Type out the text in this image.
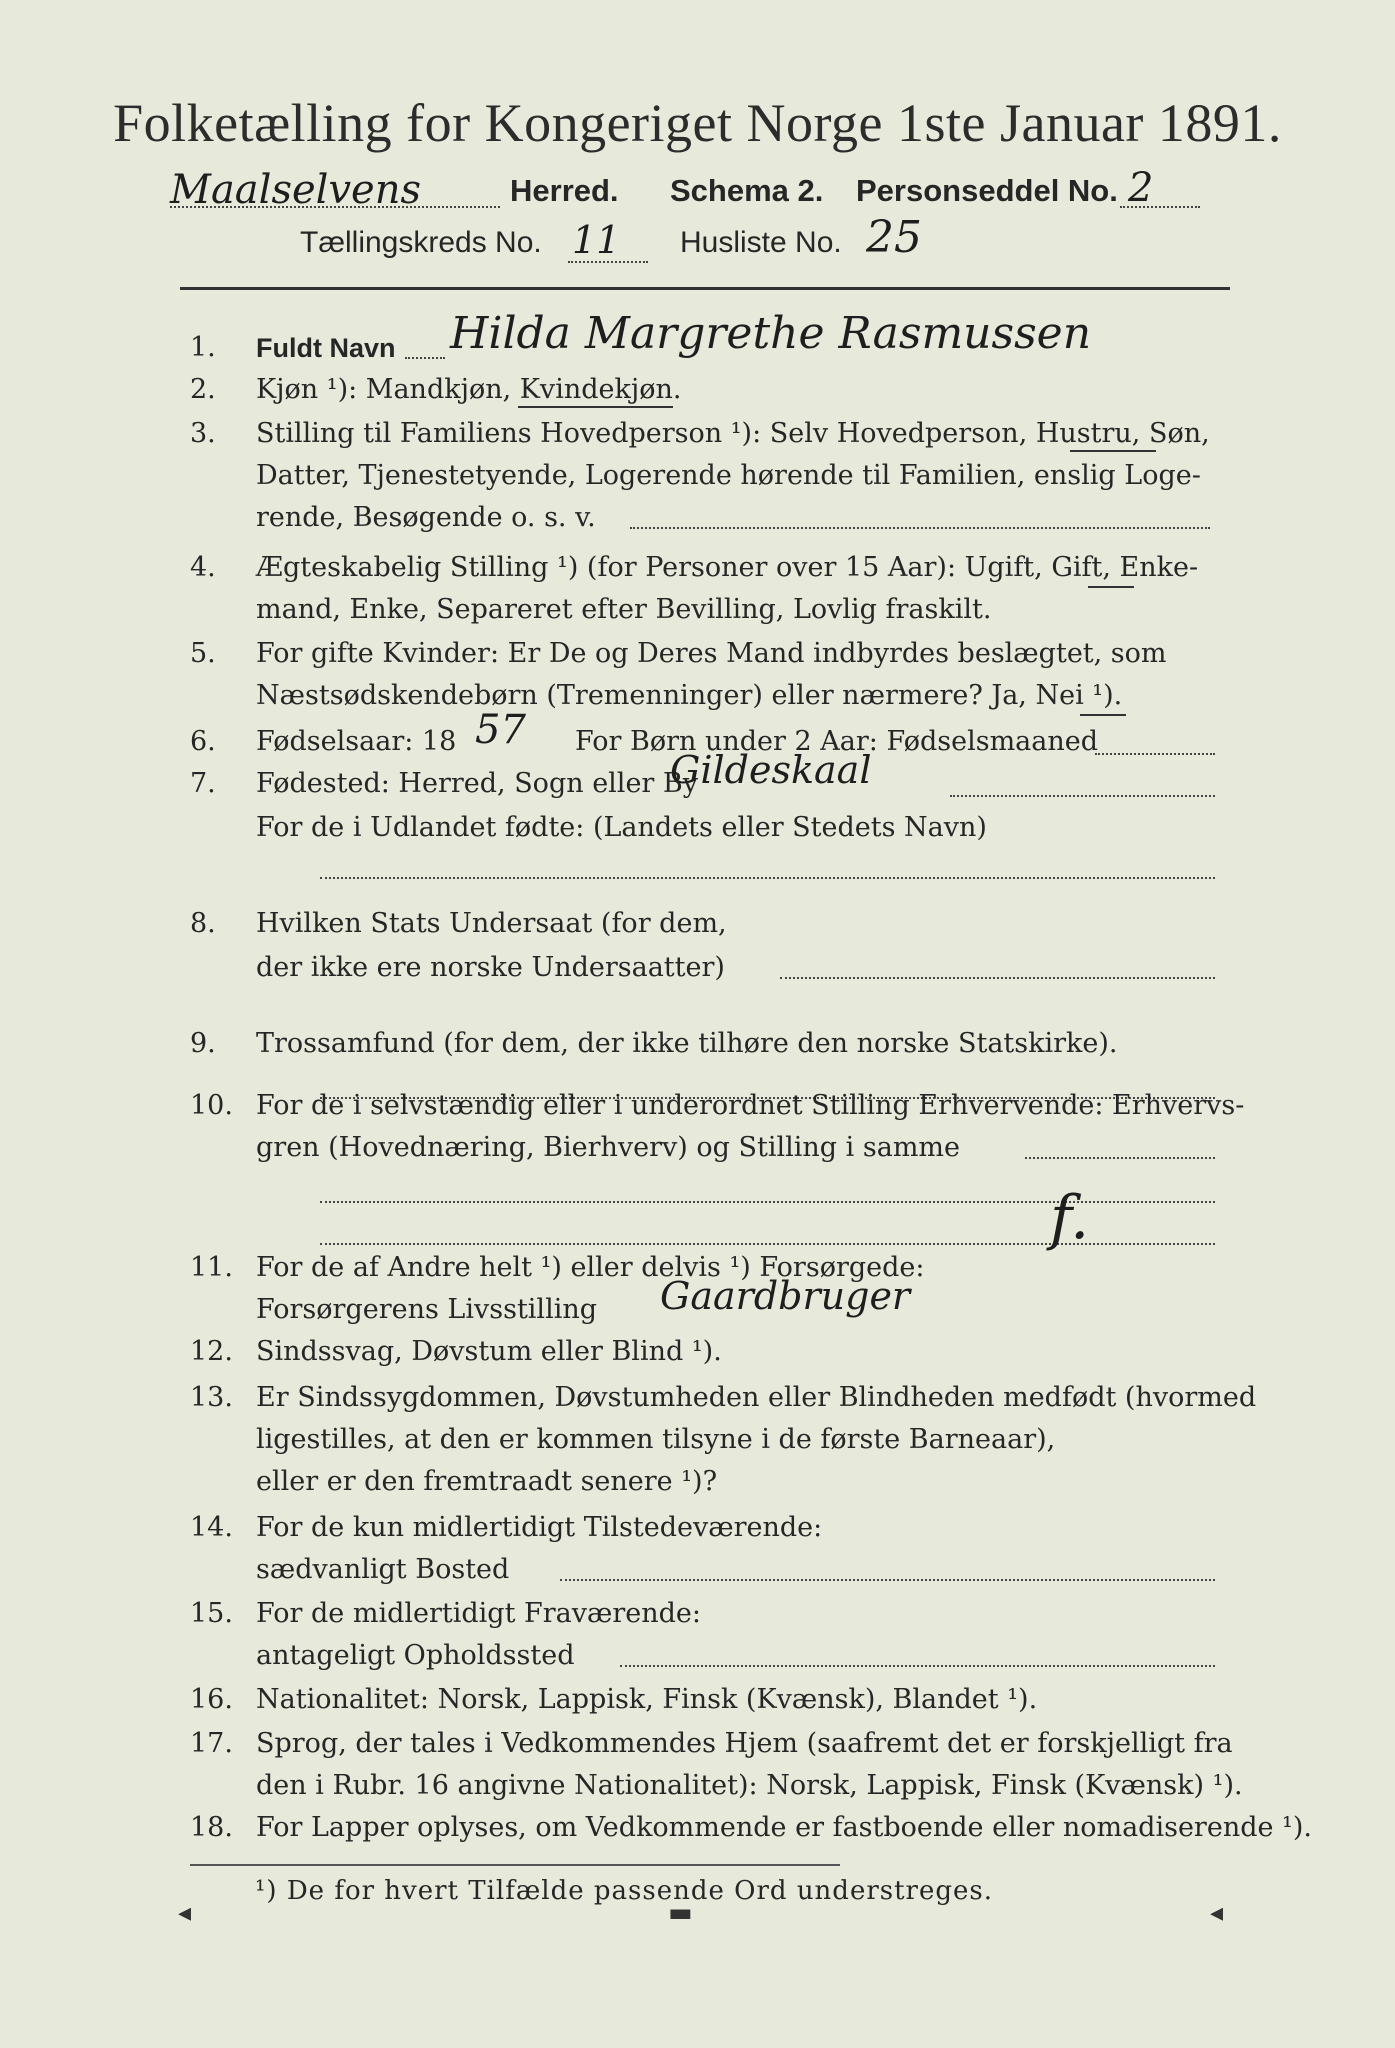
Folketælling for Kongeriget Norge 1ste Januar 1891.
Maalselvens	Herred. Schema 2. Personseddel No. 2
Tællingskreds No. 11 Husliste No. 25
1.	Fuldt Navn	Hilda Margrethe Rasmussen
2.	Kjøn ¹): Mandkjøn, Kvindekjøn.
3.	Stilling til Familiens Hovedperson ¹): Selv Hovedperson, Hustru, Søn,
Datter, Tjenestetyende, Logerende hørende til Familien, enslig Loge-
rende, Besøgende o. s. v.
4.	Ægteskabelig Stilling ¹) (for Personer over 15 Aar): Ugift, Gift, Enke-
mand, Enke, Separeret efter Bevilling, Lovlig fraskilt.
5.	For gifte Kvinder: Er De og Deres Mand indbyrdes beslægtet, som
Næstsødskendebørn (Tremenninger) eller nærmere? Ja, Nei ¹).
6.	Fødselsaar: 18 57 For Børn under 2 Aar: Fødselsmaaned
7.	Fødested: Herred, Sogn eller By
Gildeskaal
For de i Udlandet fødte: (Landets eller Stedets Navn)
8.	Hvilken Stats Undersaat (for dem,
der ikke ere norske Undersaatter)
9.	Trossamfund (for dem, der ikke tilhøre den norske Statskirke).
10. For de i selvstændig eller i underordnet Stilling Erhvervende: Erhvervs-
gren (Hovednæring, Bierhverv) og Stilling i samme
11. For de af Andre helt ¹) eller delvis ¹) Forsørgede:
f.
Forsørgerens Livsstilling	Gaardbruger
12. Sindssvag, Døvstum eller Blind ¹).
13. Er Sindssygdommen, Døvstumheden eller Blindheden medfødt (hvormed
ligestilles, at den er kommen tilsyne i de første Barneaar),
eller er den fremtraadt senere ¹)?
14. For de kun midlertidigt Tilstedeværende:
sædvanligt Bosted
15. For de midlertidigt Fraværende:
antageligt Opholdssted
16. Nationalitet: Norsk, Lappisk, Finsk (Kvænsk), Blandet ¹).
17. Sprog, der tales i Vedkommendes Hjem (saafremt det er forskjelligt fra
den i Rubr. 16 angivne Nationalitet): Norsk, Lappisk, Finsk (Kvænsk) ¹).
18. For Lapper oplyses, om Vedkommende er fastboende eller nomadiserende ¹).
¹) De for hvert Tilfælde passende Ord understreges.
◂	▬	◂
